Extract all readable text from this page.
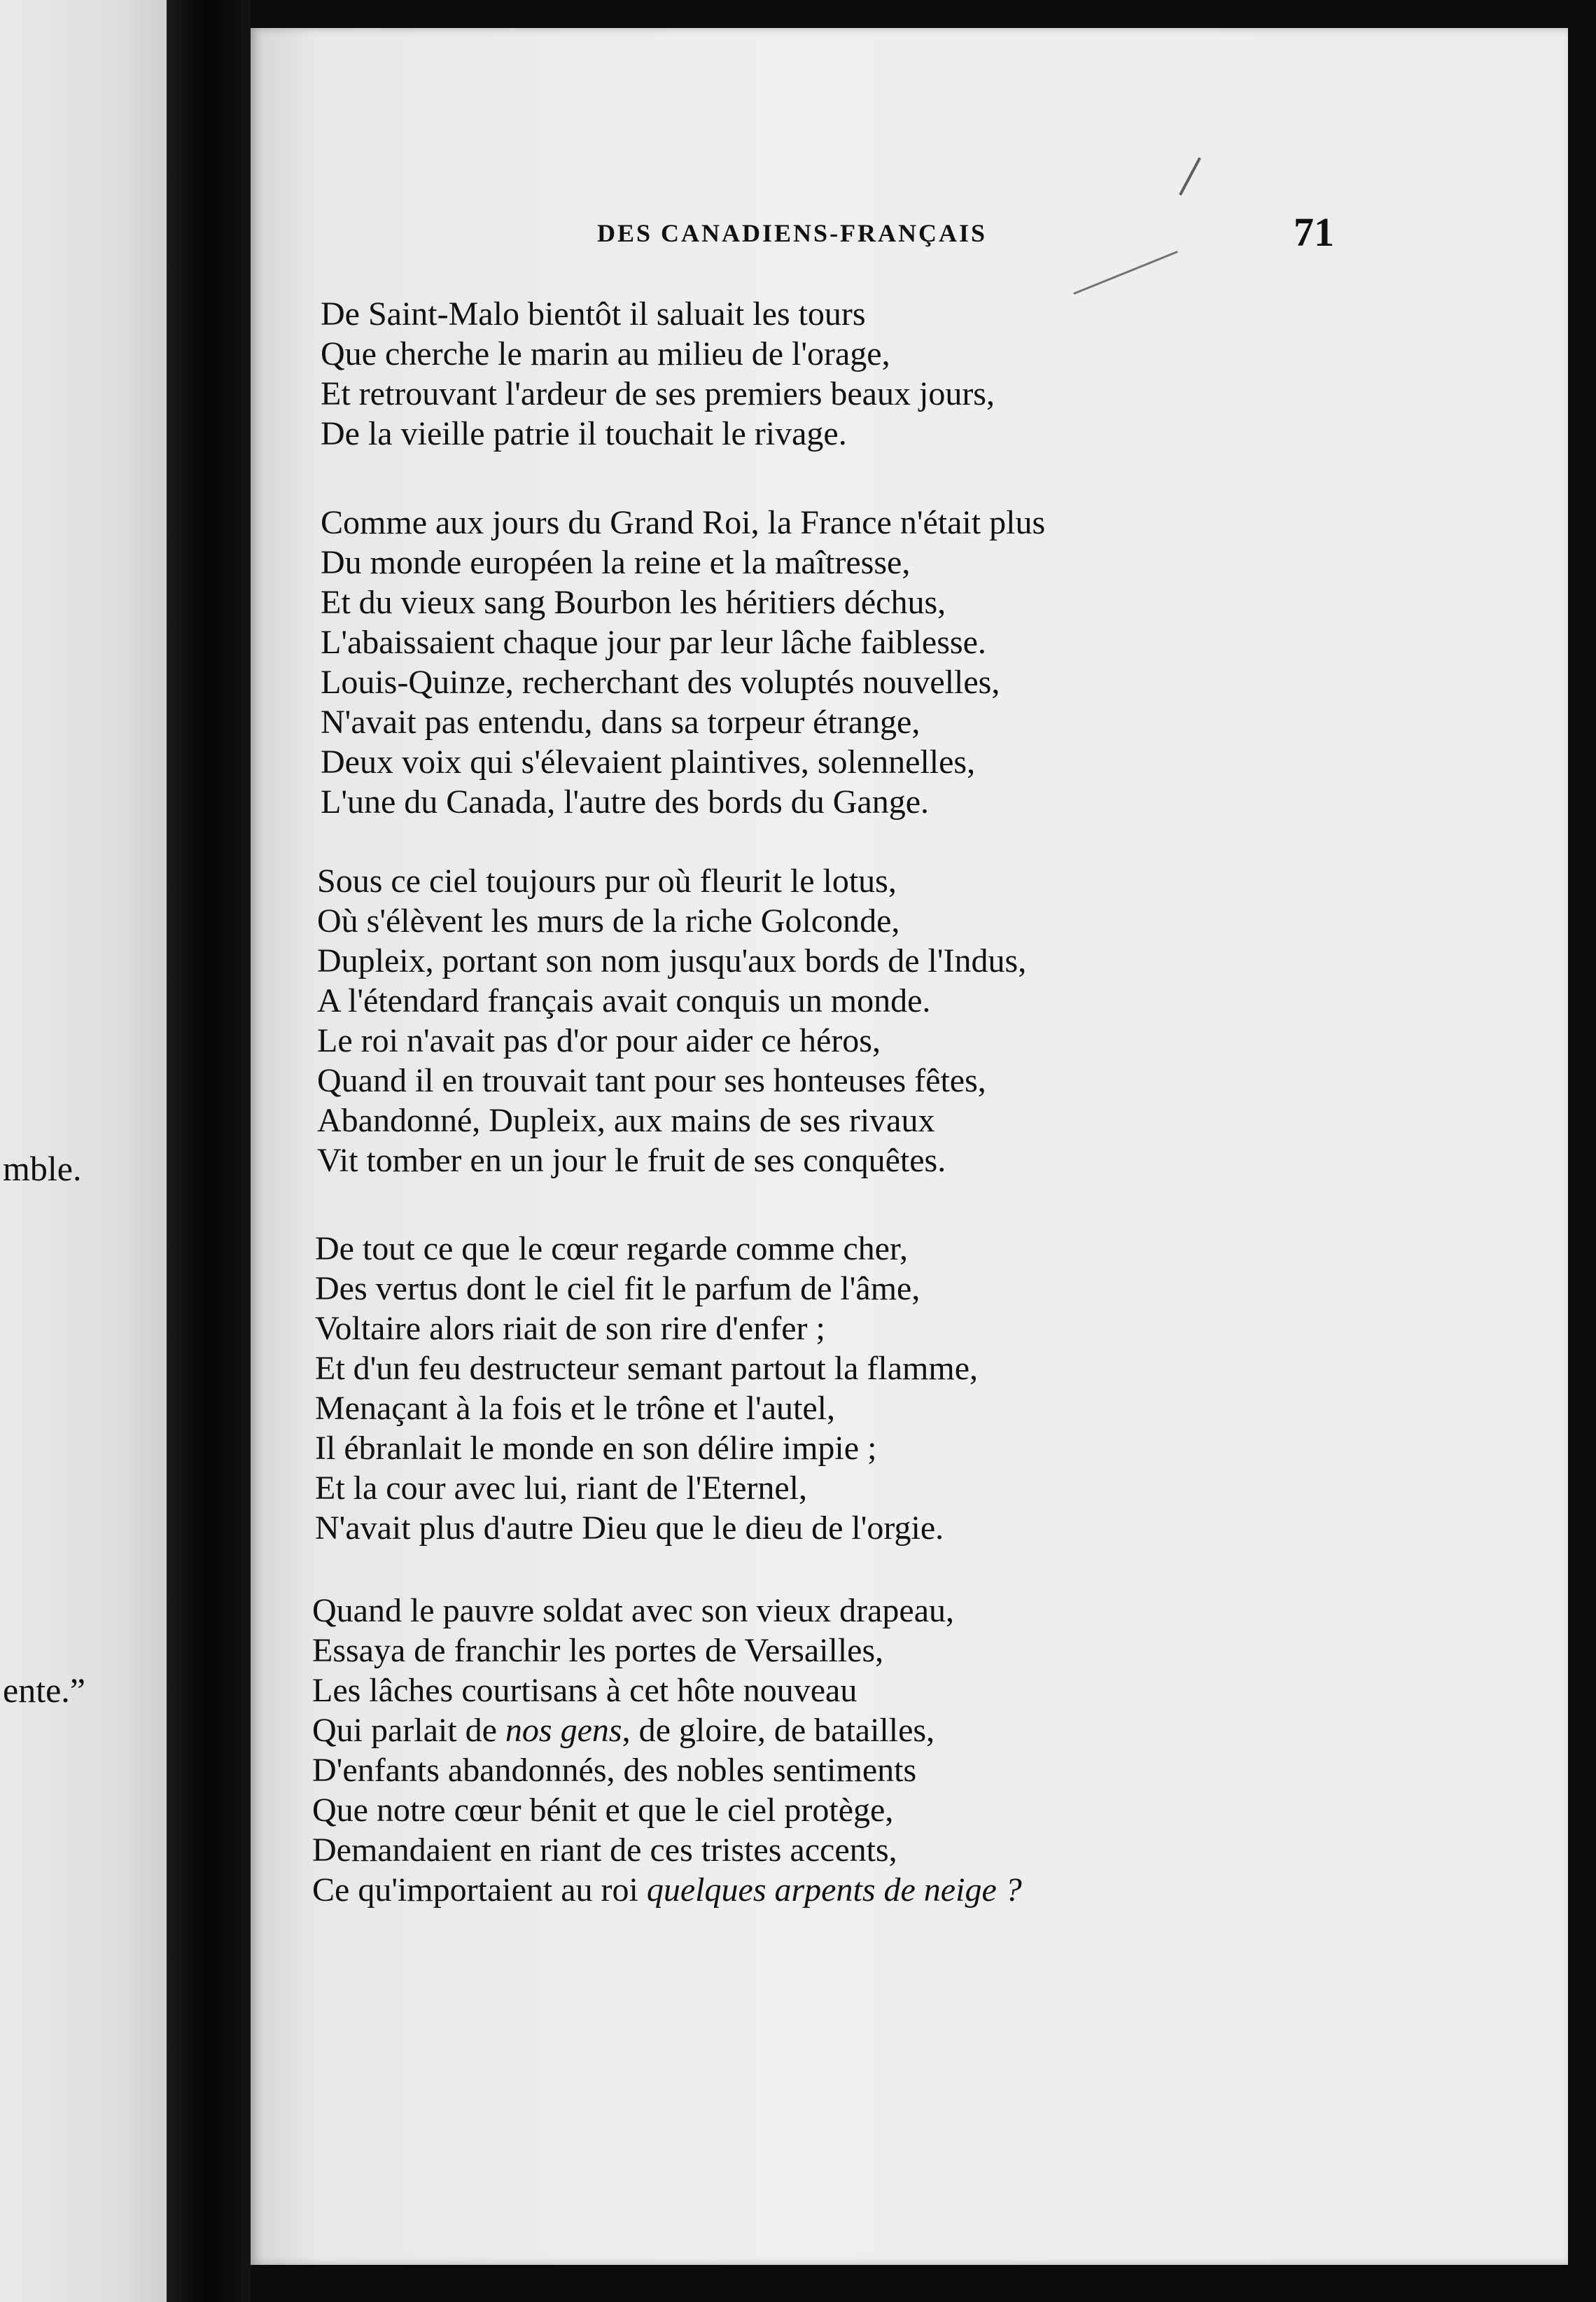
mble.
ente.”
DES CANADIENS-FRANÇAIS	71
De Saint-Malo bientôt il saluait les tours
Que cherche le marin au milieu de l'orage,
Et retrouvant l'ardeur de ses premiers beaux jours,
De la vieille patrie il touchait le rivage.
Comme aux jours du Grand Roi, la France n'était plus
Du monde européen la reine et la maîtresse,
Et du vieux sang Bourbon les héritiers déchus,
L'abaissaient chaque jour par leur lâche faiblesse.
Louis-Quinze, recherchant des voluptés nouvelles,
N'avait pas entendu, dans sa torpeur étrange,
Deux voix qui s'élevaient plaintives, solennelles,
L'une du Canada, l'autre des bords du Gange.
Sous ce ciel toujours pur où fleurit le lotus,
Où s'élèvent les murs de la riche Golconde,
Dupleix, portant son nom jusqu'aux bords de l'Indus,
A l'étendard français avait conquis un monde.
Le roi n'avait pas d'or pour aider ce héros,
Quand il en trouvait tant pour ses honteuses fêtes,
Abandonné, Dupleix, aux mains de ses rivaux
Vit tomber en un jour le fruit de ses conquêtes.
De tout ce que le cœur regarde comme cher,
Des vertus dont le ciel fit le parfum de l'âme,
Voltaire alors riait de son rire d'enfer ;
Et d'un feu destructeur semant partout la flamme,
Menaçant à la fois et le trône et l'autel,
Il ébranlait le monde en son délire impie ;
Et la cour avec lui, riant de l'Eternel,
N'avait plus d'autre Dieu que le dieu de l'orgie.
Quand le pauvre soldat avec son vieux drapeau,
Essaya de franchir les portes de Versailles,
Les lâches courtisans à cet hôte nouveau
Qui parlait de nos gens, de gloire, de batailles,
D'enfants abandonnés, des nobles sentiments
Que notre cœur bénit et que le ciel protège,
Demandaient en riant de ces tristes accents,
Ce qu'importaient au roi quelques arpents de neige ?
